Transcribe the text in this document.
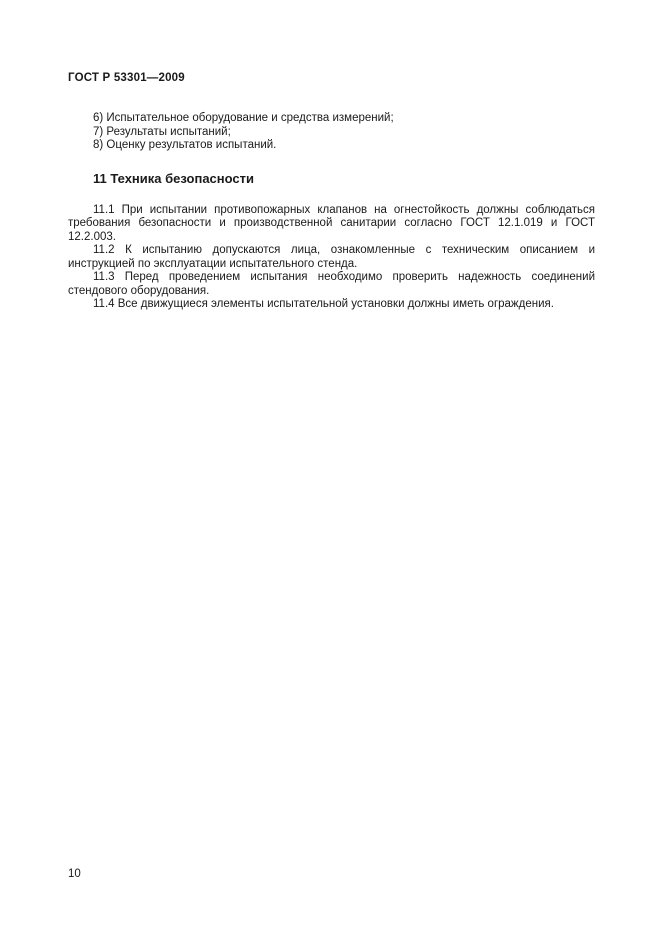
ГОСТ Р 53301—2009

6) Испытательное оборудование и средства измерений;

7) Результаты испытаний;

8) Оценку результатов испытаний.

11 Техника безопасности

11.1 При испытании противопожарных клапанов на огнестойкость должны соблюдаться требования безопасности и производственной санитарии согласно ГОСТ 12.1.019 и ГОСТ 12.2.003.

11.2 К испытанию допускаются лица, ознакомленные с техническим описанием и инструкцией по эксплуатации испытательного стенда.

11.3 Перед проведением испытания необходимо проверить надежность соединений стендового оборудования.

11.4 Все движущиеся элементы испытательной установки должны иметь ограждения.

10
